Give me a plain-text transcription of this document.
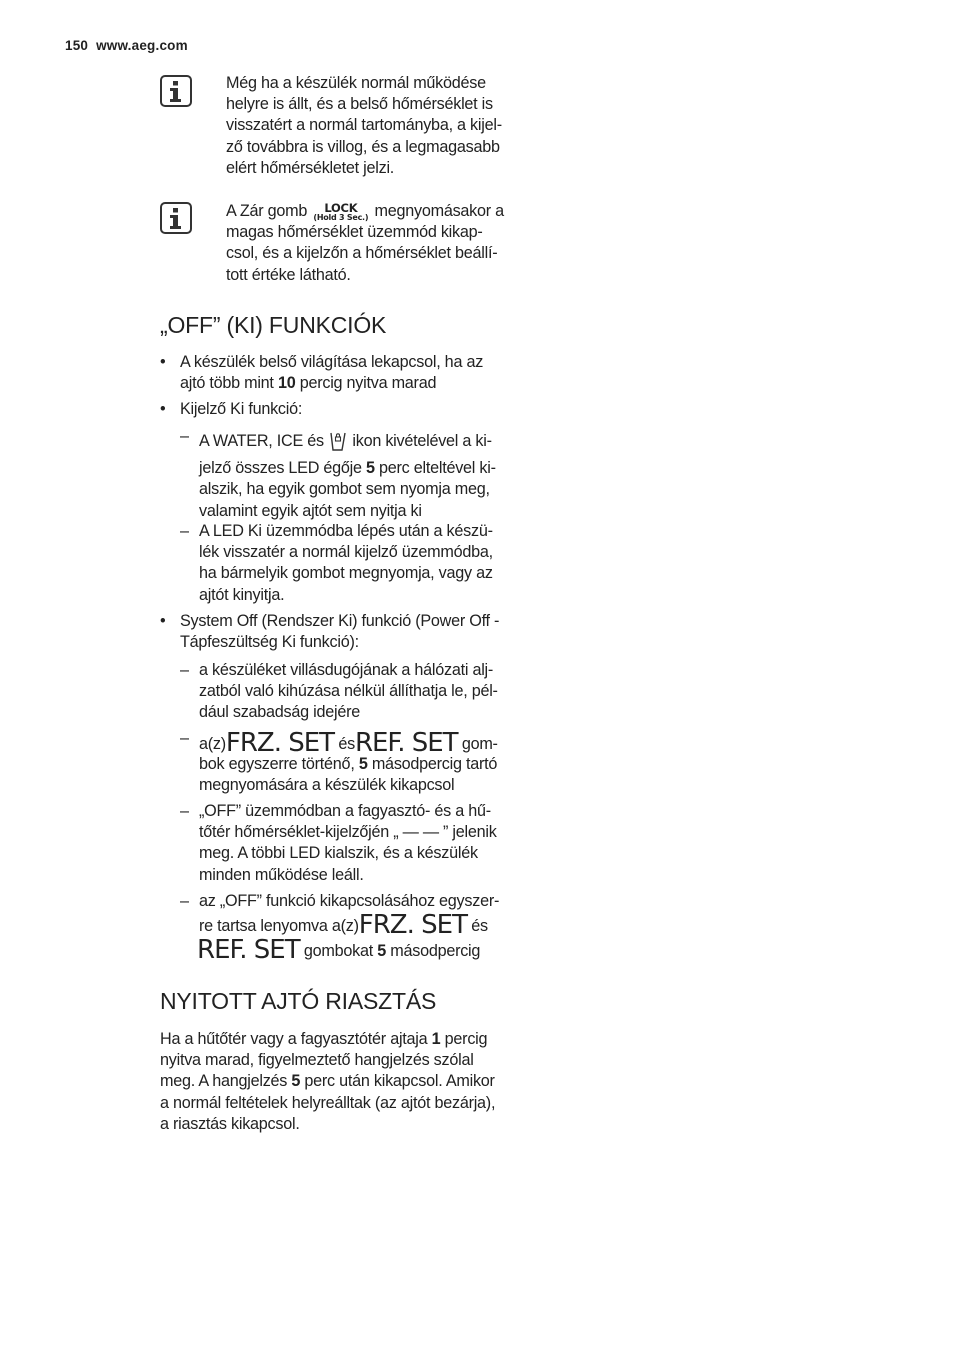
150 www.aeg.com
Még ha a készülék normál működése
helyre is állt, és a belső hőmérséklet is
visszatért a normál tartományba, a kijel-
ző továbbra is villog, és a legmagasabb
elért hőmérsékletet jelzi.
A Zár gomb	LOCK
(Hold 3 Sec.) megnyomásakor a
magas hőmérséklet üzemmód kikap-
csol, és a kijelzőn a hőmérséklet beállí-
tott értéke látható.
„OFF” (KI) FUNKCIÓK
• A készülék belső világítása lekapcsol, ha az
ajtó több mint 10 percig nyitva marad
• Kijelző Ki funkció:
– A WATER, ICE és ikon kivételével a ki-
jelző összes LED égője 5 perc elteltével ki-
alszik, ha egyik gombot sem nyomja meg,
valamint egyik ajtót sem nyitja ki
– A LED Ki üzemmódba lépés után a készü-
lék visszatér a normál kijelző üzemmódba,
ha bármelyik gombot megnyomja, vagy az
ajtót kinyitja.
• System Off (Rendszer Ki) funkció (Power Off -
Tápfeszültség Ki funkció):
– a készüléket villásdugójának a hálózati alj-
zatból való kihúzása nélkül állíthatja le, pél-
dául szabadság idejére
– a(z)FRZ. SET ésREF. SET gom-
bok egyszerre történő, 5 másodpercig tartó
megnyomására a készülék kikapcsol
– „OFF” üzemmódban a fagyasztó- és a hű-
tőtér hőmérséklet-kijelzőjén „ — — ” jelenik
meg. A többi LED kialszik, és a készülék
minden működése leáll.
– az „OFF” funkció kikapcsolásához egyszer-
re tartsa lenyomva a(z)FRZ. SET és
REF. SET gombokat 5 másodpercig
NYITOTT AJTÓ RIASZTÁS
Ha a hűtőtér vagy a fagyasztótér ajtaja 1 percig
nyitva marad, figyelmeztető hangjelzés szólal
meg. A hangjelzés 5 perc után kikapcsol. Amikor
a normál feltételek helyreálltak (az ajtót bezárja),
a riasztás kikapcsol.
